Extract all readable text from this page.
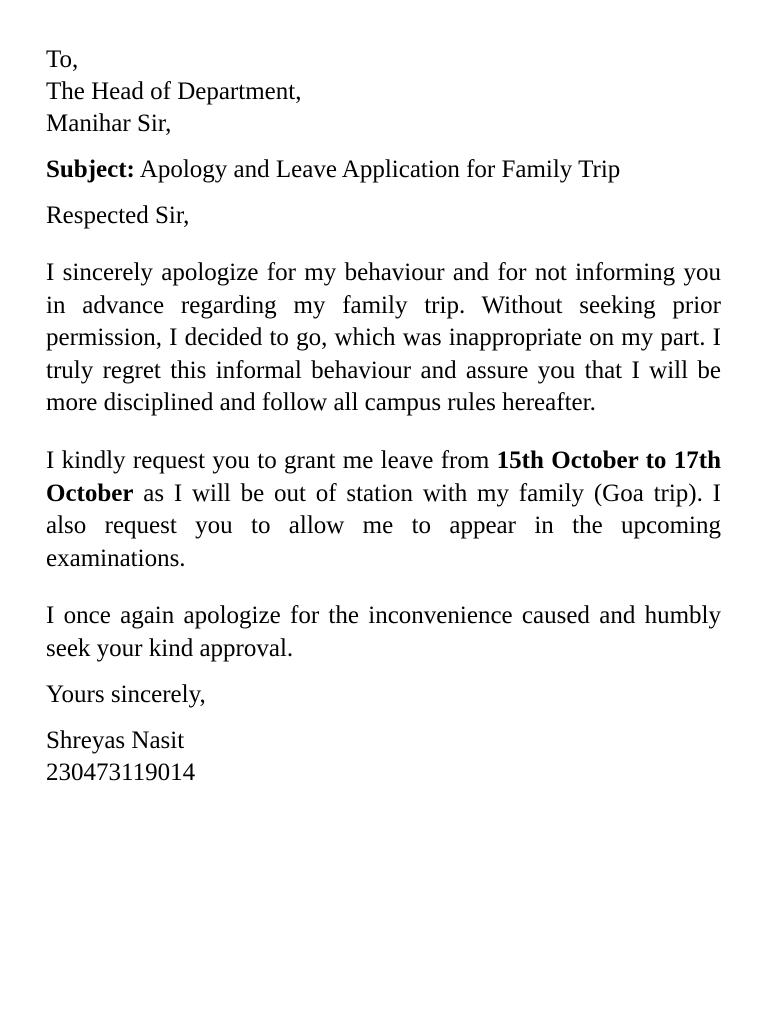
To,
The Head of Department,
Manihar Sir,
Subject: Apology and Leave Application for Family Trip
Respected Sir,

I sincerely apologize for my behaviour and for not informing you in advance regarding my family trip. Without seeking prior permission, I decided to go, which was inappropriate on my part. I truly regret this informal behaviour and assure you that I will be more disciplined and follow all campus rules hereafter.

I kindly request you to grant me leave from 15th October to 17th October as I will be out of station with my family (Goa trip). I also request you to allow me to appear in the upcoming examinations.

I once again apologize for the inconvenience caused and humbly seek your kind approval.

Yours sincerely,
Shreyas Nasit
230473119014
